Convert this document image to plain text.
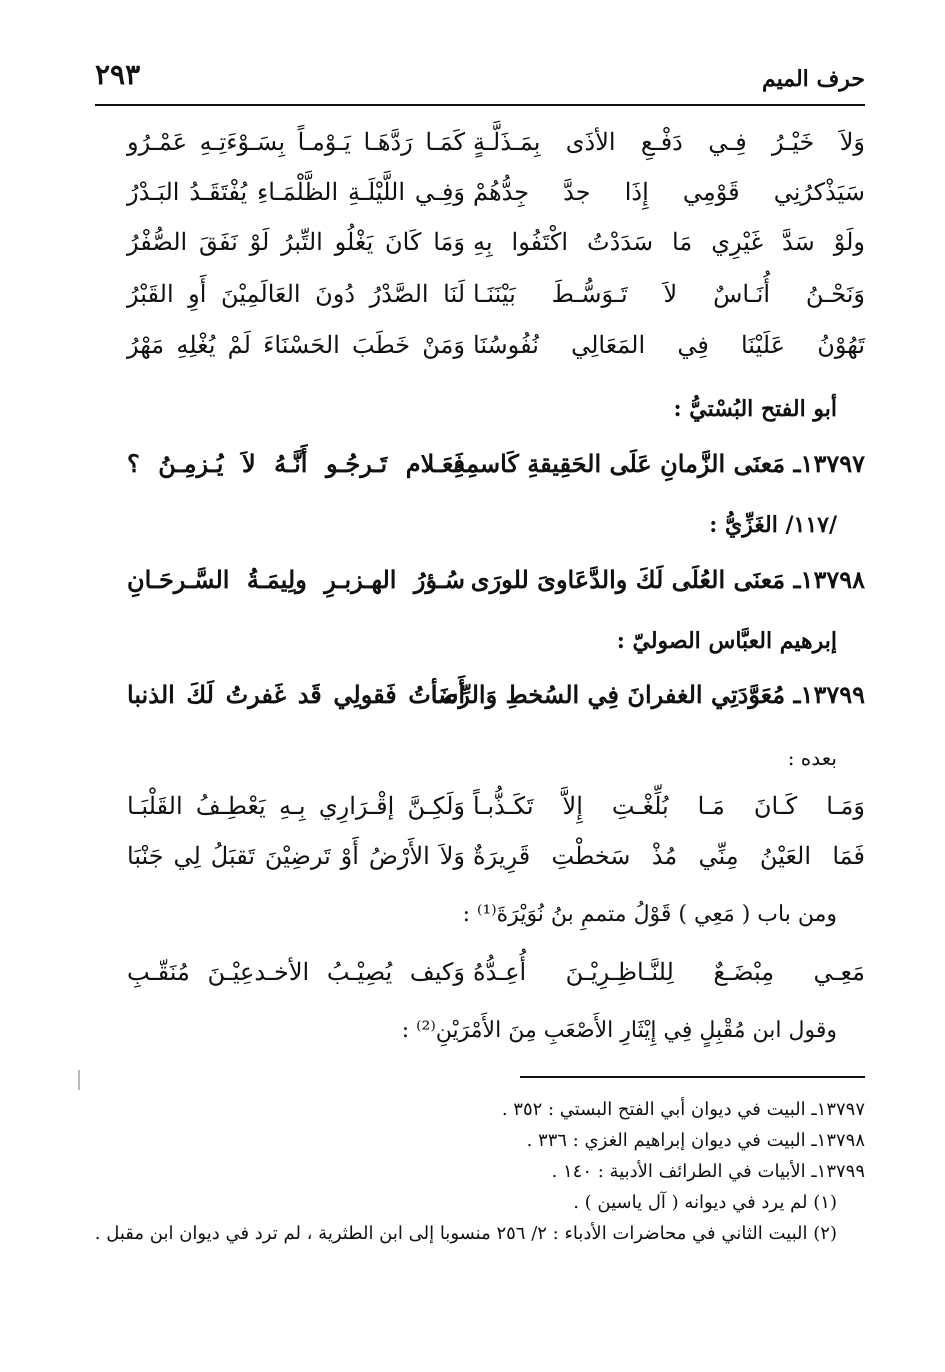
حرف الميم
٢٩٣
وَلاَ خَيْـرُ فِـي دَفْـعِ الأذَى بِمَـذَلَّـةٍ
كَمَـا رَدَّهَـا يَـوْمـاً بِسَـوْءَتِـهِ عَمْـرُو
سَيَذْكرُنِي قَوْمِي إِذَا جدَّ جِدُّهُمْ
وَفِـي اللَّيْلَـةِ الظَّلْمَـاءِ يُفْتَقَـدُ البَـدْرُ
ولَوْ سَدَّ غَيْرِي مَا سَدَدْتُ اكْتَفُوا بِهِ
وَمَا كَانَ يَغْلُو التِّبرُ لَوْ نَفَقَ الصُّفْرُ
وَنَحْـنُ أُنَـاسٌ لاَ تَـوَسُّـطَ بَيْنَنَـا
لَنَا الصَّدْرُ دُونَ العَالَمِيْنَ أَوِ القَبْرُ
تَهُوْنُ عَلَيْنَا فِي المَعَالِي نُفُوسُنَا
وَمَنْ خَطَبَ الحَسْنَاءَ لَمْ يُغْلِهِ مَهْرُ
أبو الفتح البُسْتيُّ :
١٣٧٩٧ـ مَعنَى الزَّمانِ عَلَى الحَقِيقةِ كَاسمِهِ
فَعَـلام تَـرجُـو أَنَّـهُ لاَ يُـزمِـنُ ؟
/١١٧/ الغَزِّيُّ :
١٣٧٩٨ـ مَعنَى العُلَى لَكَ والدَّعَاوىَ للورَى
سُـؤرُ الهـزبـرِ ولِيمَـةُ السَّـرحَـانِ
إبرهيم العبَّاس الصوليّ :
١٣٧٩٩ـ مُعَوَّدَتِي الغفرانَ فِي السُخطِ وَالرِّضَا
أَسأتُ فَقولِي قَد غَفرتُ لَكَ الذنبا
بعده :
وَمَـا كَـانَ مَـا بُلِّغْـتِ إِلاَّ تَكَـذُّبـاً
وَلَكِـنَّ إقْـرَارِي بِـهِ يَعْطِـفُ القَلْبَـا
فَمَا العَيْنُ مِنِّي مُذْ سَخطْتِ قَرِيرَةٌ
وَلاَ الأَرْضُ أَوْ تَرضِيْنَ تَقبَلُ لِي جَنْبَا
ومن باب ( مَعِي ) قَوْلُ متممِ بنُ نُوَيْرَةَ⁽¹⁾ :
مَعِـي مِبْضَـعٌ لِلنَّـاظِـرِيْـنَ أُعِـدُّهُ
وَكيف يُصِيْـبُ الأخـدعِيْـنَ مُنَقّـبِ
وقول ابن مُقْبِلٍ فِي إِيْثَارِ الأَصْعَبِ مِنَ الأَمْرَيْنِ⁽²⁾ :
١٣٧٩٧ـ البيت في ديوان أبي الفتح البستي : ٣٥٢ .
١٣٧٩٨ـ البيت في ديوان إبراهيم الغزي : ٣٣٦ .
١٣٧٩٩ـ الأبيات في الطرائف الأدبية : ١٤٠ .
(١) لم يرد في ديوانه ( آل ياسين ) .
(٢) البيت الثاني في محاضرات الأدباء : ٢/ ٢٥٦ منسوبا إلى ابن الطثرية ، لم ترد في ديوان ابن مقبل .
